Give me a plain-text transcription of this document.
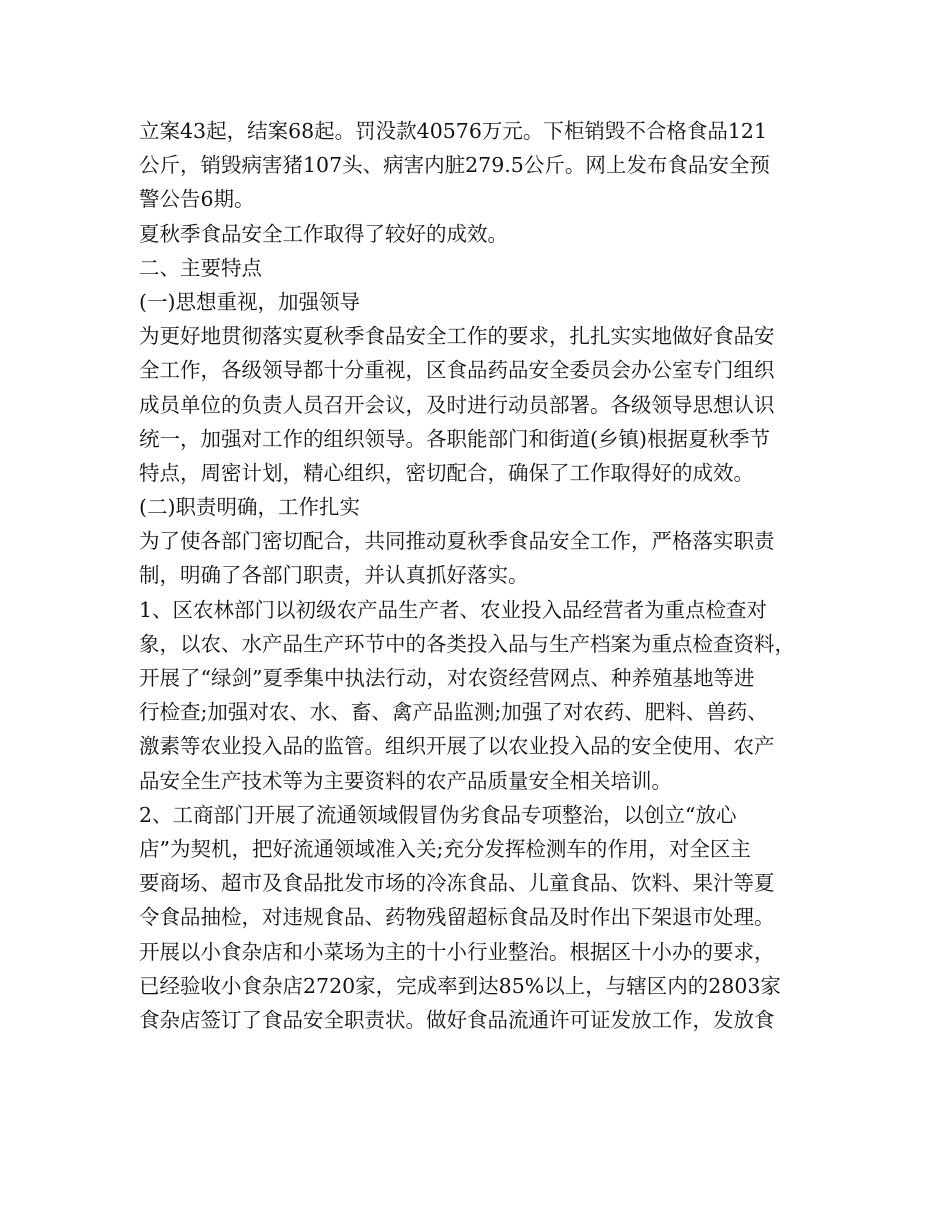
立案43起，结案68起。罚没款40576万元。下柜销毁不合格食品121
公斤，销毁病害猪107头、病害内脏279.5公斤。网上发布食品安全预
警公告6期。
夏秋季食品安全工作取得了较好的成效。
二、主要特点
(一)思想重视，加强领导
为更好地贯彻落实夏秋季食品安全工作的要求，扎扎实实地做好食品安
全工作，各级领导都十分重视，区食品药品安全委员会办公室专门组织
成员单位的负责人员召开会议，及时进行动员部署。各级领导思想认识
统一，加强对工作的组织领导。各职能部门和街道(乡镇)根据夏秋季节
特点，周密计划，精心组织，密切配合，确保了工作取得好的成效。
(二)职责明确，工作扎实
为了使各部门密切配合，共同推动夏秋季食品安全工作，严格落实职责
制，明确了各部门职责，并认真抓好落实。
1、区农林部门以初级农产品生产者、农业投入品经营者为重点检查对
象，以农、水产品生产环节中的各类投入品与生产档案为重点检查资料，
开展了“绿剑”夏季集中执法行动，对农资经营网点、种养殖基地等进
行检查;加强对农、水、畜、禽产品监测;加强了对农药、肥料、兽药、
激素等农业投入品的监管。组织开展了以农业投入品的安全使用、农产
品安全生产技术等为主要资料的农产品质量安全相关培训。
2、工商部门开展了流通领域假冒伪劣食品专项整治，以创立“放心
店”为契机，把好流通领域准入关;充分发挥检测车的作用，对全区主
要商场、超市及食品批发市场的冷冻食品、儿童食品、饮料、果汁等夏
令食品抽检，对违规食品、药物残留超标食品及时作出下架退市处理。
开展以小食杂店和小菜场为主的十小行业整治。根据区十小办的要求，
已经验收小食杂店2720家，完成率到达85%以上，与辖区内的2803家
食杂店签订了食品安全职责状。做好食品流通许可证发放工作，发放食
